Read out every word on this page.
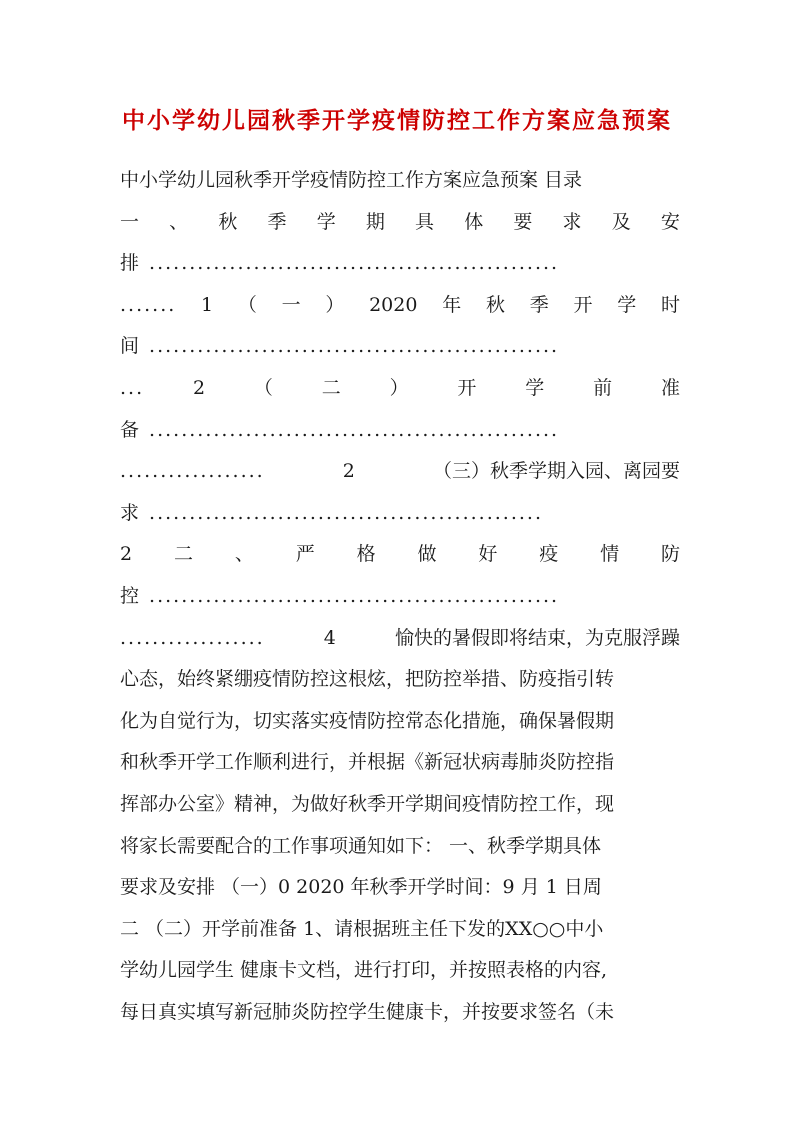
中小学幼儿园秋季开学疫情防控工作方案应急预案
中小学幼儿园秋季开学疫情防控工作方案应急预案 目录
一 、 秋 季 学 期 具 体 要 求 及 安
排 ...................................................
....... 1 （ 一 ） 2020 年 秋 季 开 学 时
间 ...................................................
...	2	（	二	）	开	学	前	准
备 ...................................................
..................	2	（三）秋季学期入园、离园要
求 .................................................
2 二 、 严 格 做 好 疫 情 防
控 ...................................................
..................	4	愉快的暑假即将结束，为克服浮躁
心态，始终紧绷疫情防控这根炫，把防控举措、防疫指引转
化为自觉行为，切实落实疫情防控常态化措施，确保暑假期
和秋季开学工作顺利进行，并根据《新冠状病毒肺炎防控指
挥部办公室》精神，为做好秋季开学期间疫情防控工作，现
将家长需要配合的工作事项通知如下： 一、秋季学期具体
要求及安排 （一）0 2020 年秋季开学时间：9 月 1 日周
二 （二）开学前准备 1、请根据班主任下发的XX○○中小
学幼儿园学生 健康卡文档，进行打印，并按照表格的内容,
每日真实填写新冠肺炎防控学生健康卡，并按要求签名（未
